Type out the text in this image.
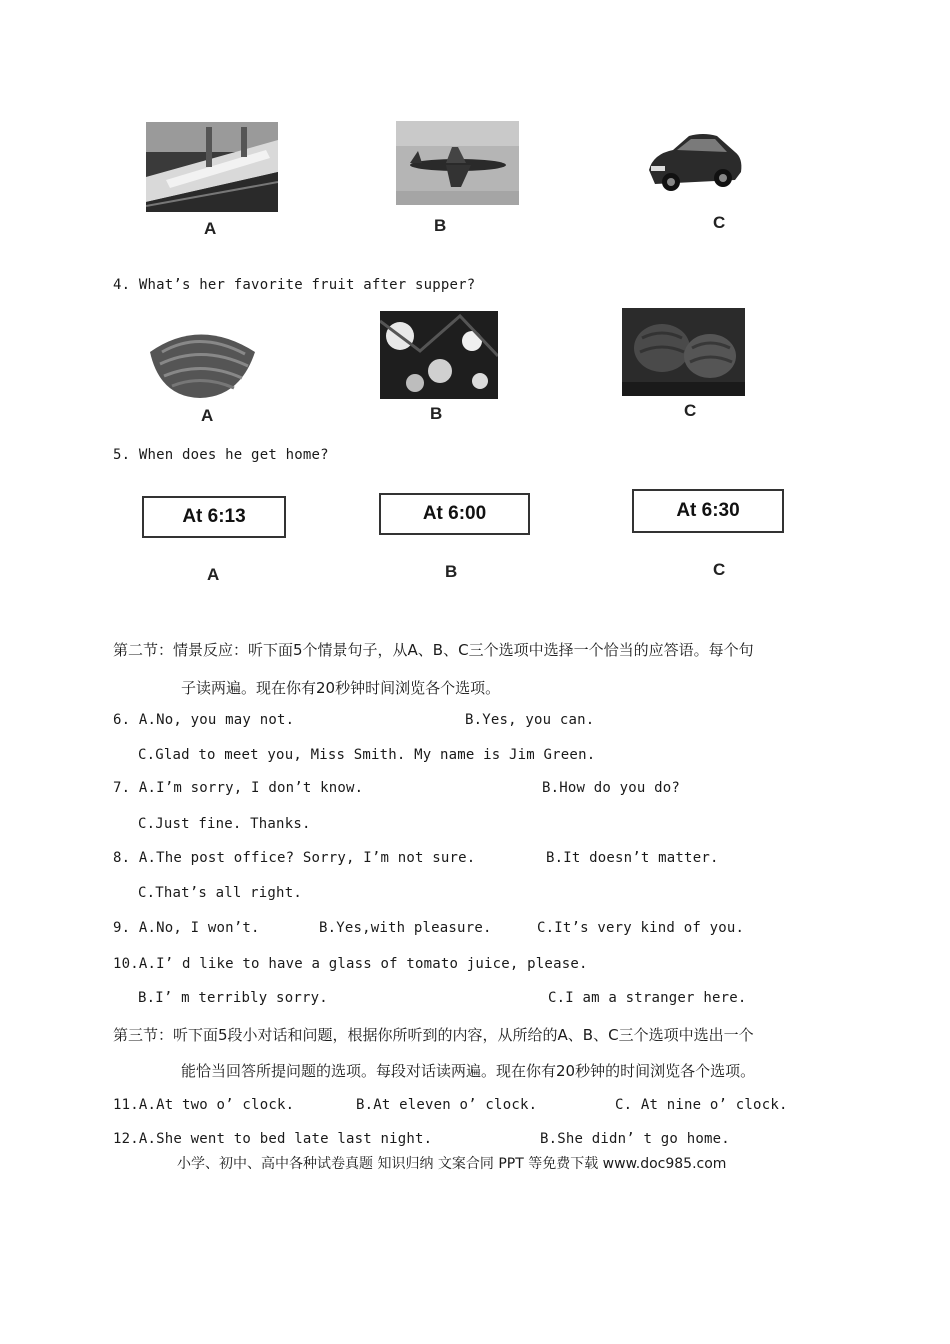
A	B	C
4. What’s her favorite fruit after supper?
A	B	C
5. When does he get home?
At 6:13	At 6:00	At 6:30
A	B	C
第二节：情景反应：听下面5个情景句子，从A、B、C三个选项中选择一个恰当的应答语。每个句
子读两遍。现在你有20秒钟时间浏览各个选项。
6. A.No, you may not.	B.Yes, you can.
C.Glad to meet you, Miss Smith. My name is Jim Green.
7. A.I’m sorry, I don’t know.	B.How do you do?
C.Just fine. Thanks.
8. A.The post office? Sorry, I’m not sure.	B.It doesn’t matter.
C.That’s all right.
9. A.No, I won’t.	B.Yes,with pleasure.	C.It’s very kind of you.
10.A.I’ d like to have a glass of tomato juice, please.
B.I’ m terribly sorry.	C.I am a stranger here.
第三节：听下面5段小对话和问题，根据你所听到的内容，从所给的A、B、C三个选项中选出一个
能恰当回答所提问题的选项。每段对话读两遍。现在你有20秒钟的时间浏览各个选项。
11.A.At two o’ clock.	B.At eleven o’ clock.	C. At nine o’ clock.
12.A.She went to bed late last night.	B.She didn’ t go home.
小学、初中、高中各种试卷真题 知识归纳 文案合同 PPT 等免费下载 www.doc985.com
